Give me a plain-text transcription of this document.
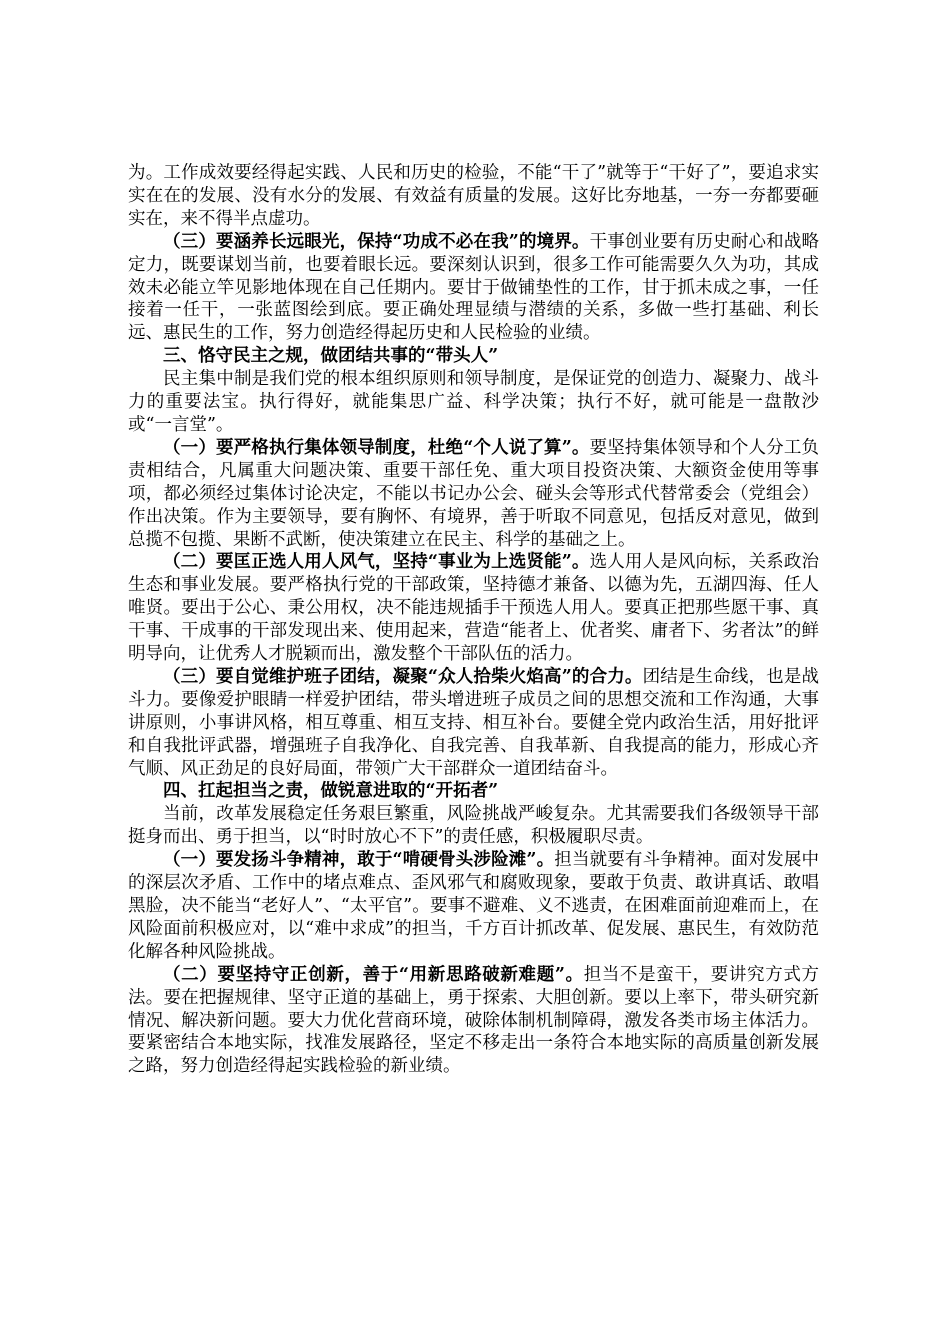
为。工作成效要经得起实践、人民和历史的检验，不能“干了”就等于“干好了”，要追求实实在在的发展、没有水分的发展、有效益有质量的发展。这好比夯地基，一夯一夯都要砸实在，来不得半点虚功。

（三）要涵养长远眼光，保持“功成不必在我”的境界。干事创业要有历史耐心和战略定力，既要谋划当前，也要着眼长远。要深刻认识到，很多工作可能需要久久为功，其成效未必能立竿见影地体现在自己任期内。要甘于做铺垫性的工作，甘于抓未成之事，一任接着一任干，一张蓝图绘到底。要正确处理显绩与潜绩的关系，多做一些打基础、利长远、惠民生的工作，努力创造经得起历史和人民检验的业绩。

三、恪守民主之规，做团结共事的“带头人”

民主集中制是我们党的根本组织原则和领导制度，是保证党的创造力、凝聚力、战斗力的重要法宝。执行得好，就能集思广益、科学决策；执行不好，就可能是一盘散沙或“一言堂”。

（一）要严格执行集体领导制度，杜绝“个人说了算”。要坚持集体领导和个人分工负责相结合，凡属重大问题决策、重要干部任免、重大项目投资决策、大额资金使用等事项，都必须经过集体讨论决定，不能以书记办公会、碰头会等形式代替常委会（党组会）作出决策。作为主要领导，要有胸怀、有境界，善于听取不同意见，包括反对意见，做到总揽不包揽、果断不武断，使决策建立在民主、科学的基础之上。

（二）要匡正选人用人风气，坚持“事业为上选贤能”。选人用人是风向标，关系政治生态和事业发展。要严格执行党的干部政策，坚持德才兼备、以德为先，五湖四海、任人唯贤。要出于公心、秉公用权，决不能违规插手干预选人用人。要真正把那些愿干事、真干事、干成事的干部发现出来、使用起来，营造“能者上、优者奖、庸者下、劣者汰”的鲜明导向，让优秀人才脱颖而出，激发整个干部队伍的活力。

（三）要自觉维护班子团结，凝聚“众人拾柴火焰高”的合力。团结是生命线，也是战斗力。要像爱护眼睛一样爱护团结，带头增进班子成员之间的思想交流和工作沟通，大事讲原则，小事讲风格，相互尊重、相互支持、相互补台。要健全党内政治生活，用好批评和自我批评武器，增强班子自我净化、自我完善、自我革新、自我提高的能力，形成心齐气顺、风正劲足的良好局面，带领广大干部群众一道团结奋斗。

四、扛起担当之责，做锐意进取的“开拓者”

当前，改革发展稳定任务艰巨繁重，风险挑战严峻复杂。尤其需要我们各级领导干部挺身而出、勇于担当，以“时时放心不下”的责任感，积极履职尽责。

（一）要发扬斗争精神，敢于“啃硬骨头涉险滩”。担当就要有斗争精神。面对发展中的深层次矛盾、工作中的堵点难点、歪风邪气和腐败现象，要敢于负责、敢讲真话、敢唱黑脸，决不能当“老好人”、“太平官”。要事不避难、义不逃责，在困难面前迎难而上，在风险面前积极应对，以“难中求成”的担当，千方百计抓改革、促发展、惠民生，有效防范化解各种风险挑战。

（二）要坚持守正创新，善于“用新思路破新难题”。担当不是蛮干，要讲究方式方法。要在把握规律、坚守正道的基础上，勇于探索、大胆创新。要以上率下，带头研究新情况、解决新问题。要大力优化营商环境，破除体制机制障碍，激发各类市场主体活力。要紧密结合本地实际，找准发展路径，坚定不移走出一条符合本地实际的高质量创新发展之路，努力创造经得起实践检验的新业绩。
